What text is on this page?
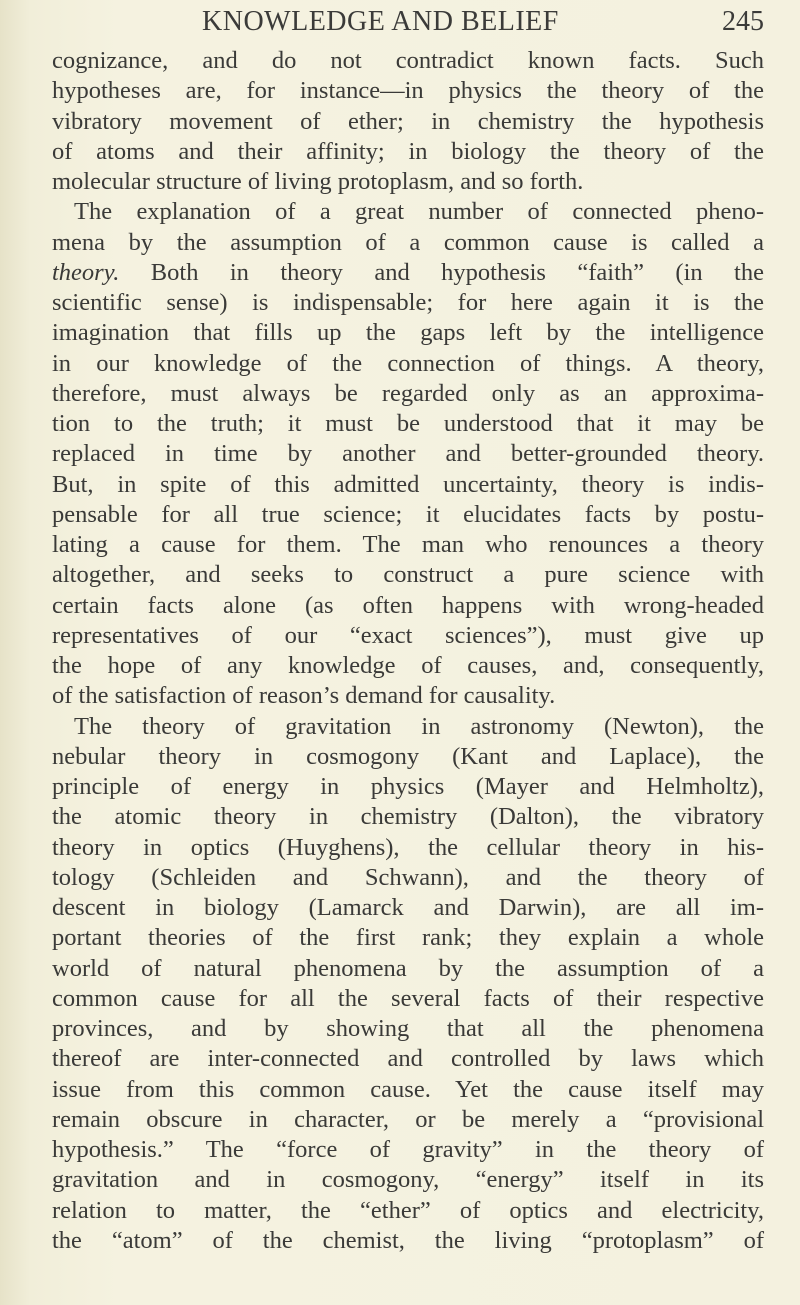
KNOWLEDGE AND BELIEF	245
cognizance, and do not contradict known facts. Such
hypotheses are, for instance—in physics the theory of the
vibratory movement of ether; in chemistry the hypothesis
of atoms and their affinity; in biology the theory of the
molecular structure of living protoplasm, and so forth.
The explanation of a great number of connected pheno-
mena by the assumption of a common cause is called a
theory. Both in theory and hypothesis “faith” (in the
scientific sense) is indispensable; for here again it is the
imagination that fills up the gaps left by the intelligence
in our knowledge of the connection of things. A theory,
therefore, must always be regarded only as an approxima-
tion to the truth; it must be understood that it may be
replaced in time by another and better-grounded theory.
But, in spite of this admitted uncertainty, theory is indis-
pensable for all true science; it elucidates facts by postu-
lating a cause for them. The man who renounces a theory
altogether, and seeks to construct a pure science with
certain facts alone (as often happens with wrong-headed
representatives of our “exact sciences”), must give up
the hope of any knowledge of causes, and, consequently,
of the satisfaction of reason’s demand for causality.
The theory of gravitation in astronomy (Newton), the
nebular theory in cosmogony (Kant and Laplace), the
principle of energy in physics (Mayer and Helmholtz),
the atomic theory in chemistry (Dalton), the vibratory
theory in optics (Huyghens), the cellular theory in his-
tology (Schleiden and Schwann), and the theory of
descent in biology (Lamarck and Darwin), are all im-
portant theories of the first rank; they explain a whole
world of natural phenomena by the assumption of a
common cause for all the several facts of their respective
provinces, and by showing that all the phenomena
thereof are inter-connected and controlled by laws which
issue from this common cause. Yet the cause itself may
remain obscure in character, or be merely a “provisional
hypothesis.” The “force of gravity” in the theory of
gravitation and in cosmogony, “energy” itself in its
relation to matter, the “ether” of optics and electricity,
the “atom” of the chemist, the living “protoplasm” of
